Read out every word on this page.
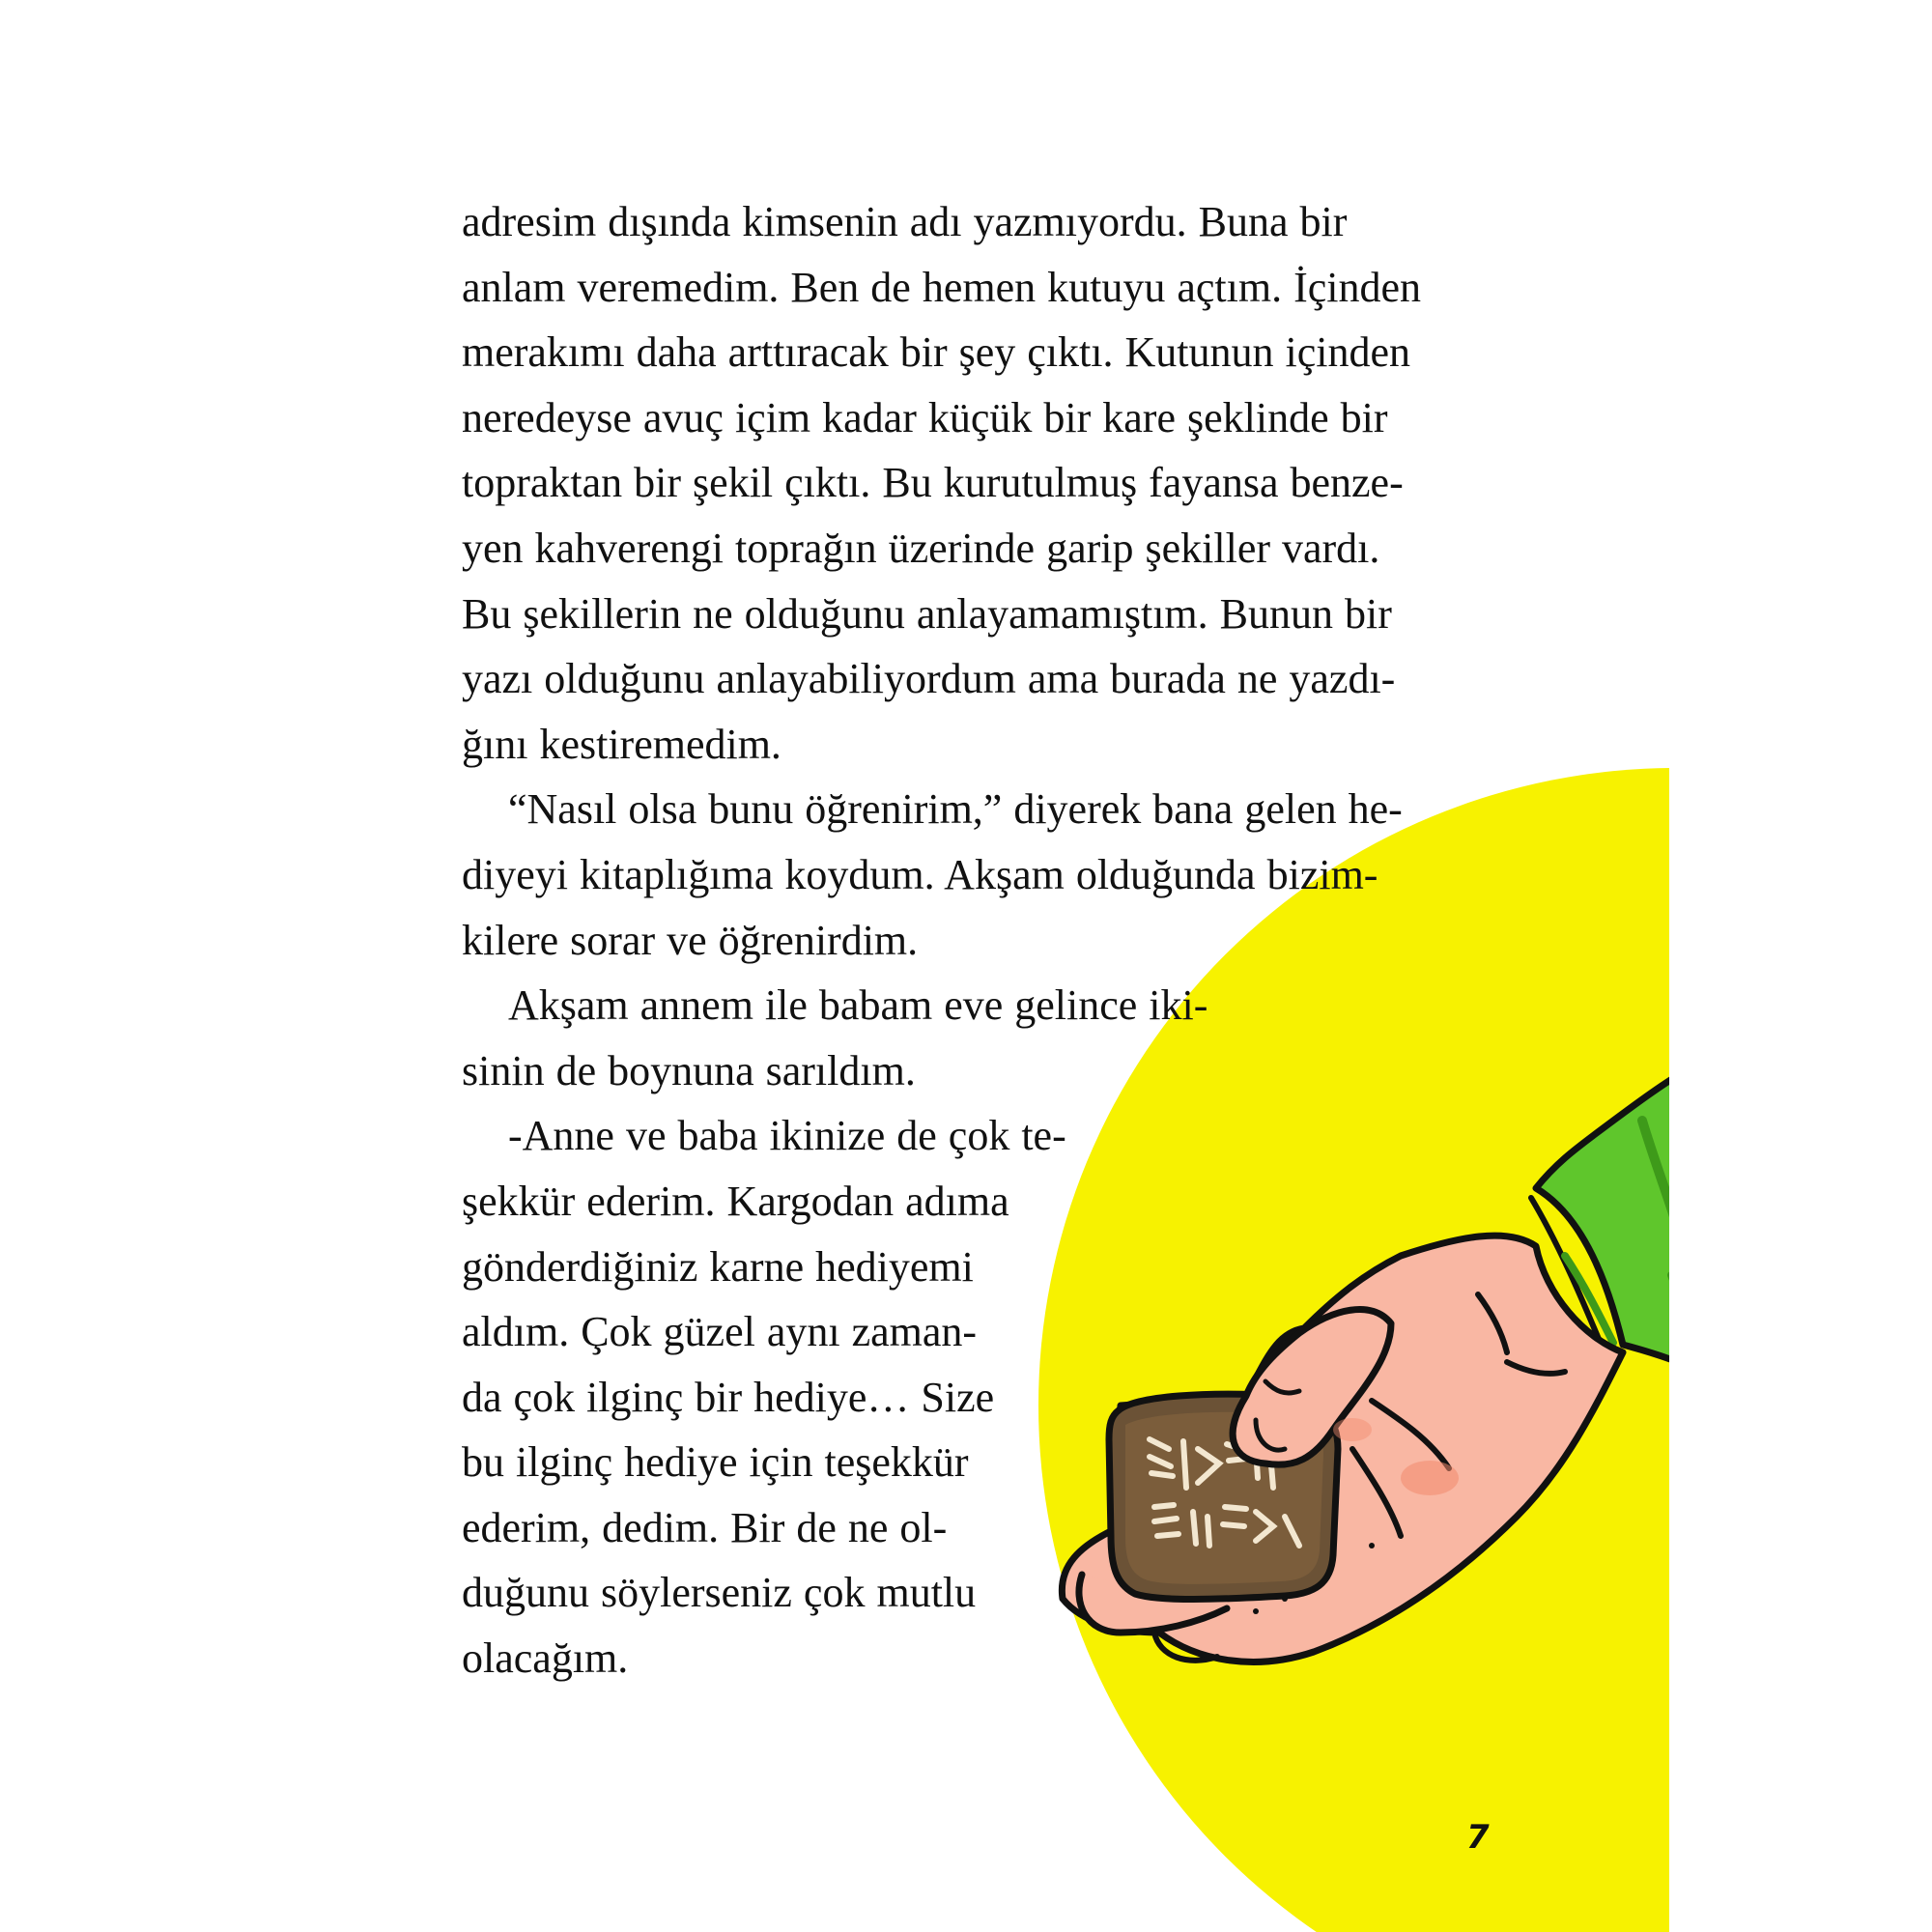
adresim dışında kimsenin adı yazmıyordu. Buna bir
anlam veremedim. Ben de hemen kutuyu açtım. İçinden
merakımı daha arttıracak bir şey çıktı. Kutunun içinden
neredeyse avuç içim kadar küçük bir kare şeklinde bir
topraktan bir şekil çıktı. Bu kurutulmuş fayansa benze-
yen kahverengi toprağın üzerinde garip şekiller vardı.
Bu şekillerin ne olduğunu anlayamamıştım. Bunun bir
yazı olduğunu anlayabiliyordum ama burada ne yazdı-
ğını kestiremedim.
“Nasıl olsa bunu öğrenirim,” diyerek bana gelen he-
diyeyi kitaplığıma koydum. Akşam olduğunda bizim-
kilere sorar ve öğrenirdim.
Akşam annem ile babam eve gelince iki-
sinin de boynuna sarıldım.
-Anne ve baba ikinize de çok te-
şekkür ederim. Kargodan adıma
gönderdiğiniz karne hediyemi
aldım. Çok güzel aynı zaman-
da çok ilginç bir hediye… Size
bu ilginç hediye için teşekkür
ederim, dedim. Bir de ne ol-
duğunu söylerseniz çok mutlu
olacağım.
7
